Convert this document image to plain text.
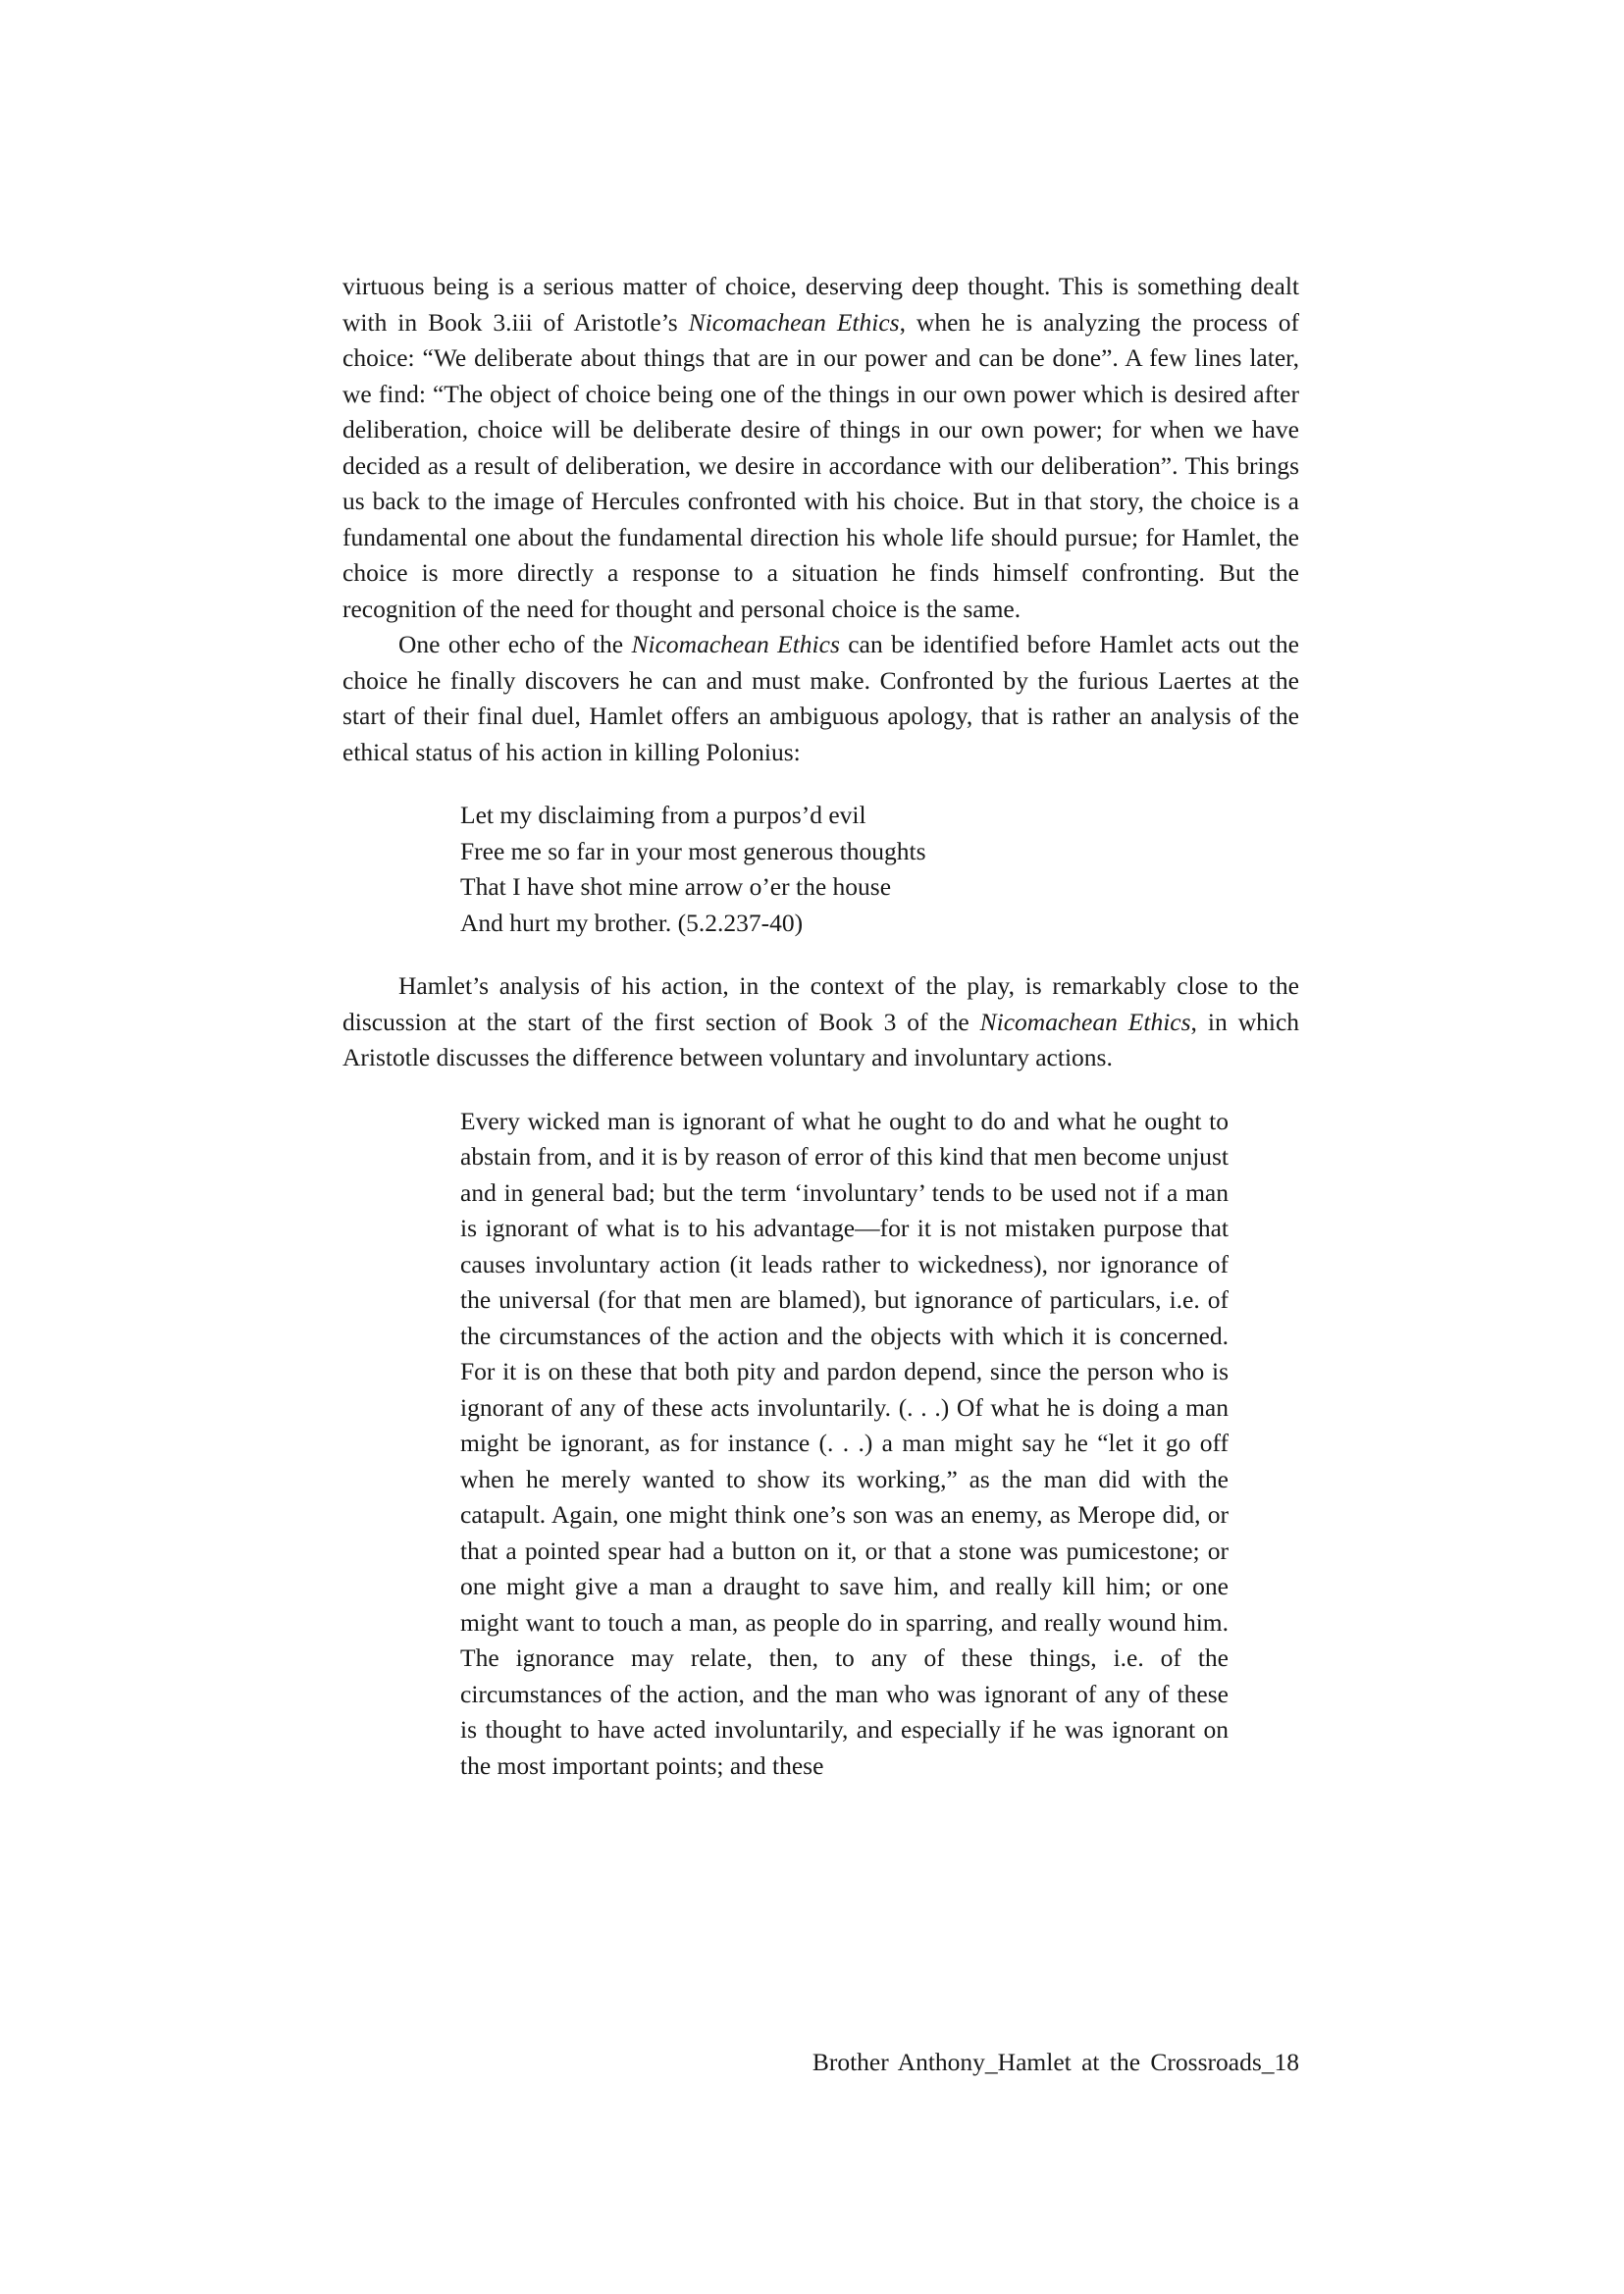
virtuous being is a serious matter of choice, deserving deep thought. This is something dealt with in Book 3.iii of Aristotle’s Nicomachean Ethics, when he is analyzing the process of choice: “We deliberate about things that are in our power and can be done”. A few lines later, we find: “The object of choice being one of the things in our own power which is desired after deliberation, choice will be deliberate desire of things in our own power; for when we have decided as a result of deliberation, we desire in accordance with our deliberation”. This brings us back to the image of Hercules confronted with his choice. But in that story, the choice is a fundamental one about the fundamental direction his whole life should pursue; for Hamlet, the choice is more directly a response to a situation he finds himself confronting. But the recognition of the need for thought and personal choice is the same.

One other echo of the Nicomachean Ethics can be identified before Hamlet acts out the choice he finally discovers he can and must make. Confronted by the furious Laertes at the start of their final duel, Hamlet offers an ambiguous apology, that is rather an analysis of the ethical status of his action in killing Polonius:

Let my disclaiming from a purpos’d evil
Free me so far in your most generous thoughts
That I have shot mine arrow o’er the house
And hurt my brother. (5.2.237-40)

Hamlet’s analysis of his action, in the context of the play, is remarkably close to the discussion at the start of the first section of Book 3 of the Nicomachean Ethics, in which Aristotle discusses the difference between voluntary and involuntary actions.

Every wicked man is ignorant of what he ought to do and what he ought to abstain from, and it is by reason of error of this kind that men become unjust and in general bad; but the term ‘involuntary’ tends to be used not if a man is ignorant of what is to his advantage—for it is not mistaken purpose that causes involuntary action (it leads rather to wickedness), nor ignorance of the universal (for that men are blamed), but ignorance of particulars, i.e. of the circumstances of the action and the objects with which it is concerned. For it is on these that both pity and pardon depend, since the person who is ignorant of any of these acts involuntarily. (. . .) Of what he is doing a man might be ignorant, as for instance (. . .) a man might say he “let it go off when he merely wanted to show its working,” as the man did with the catapult. Again, one might think one’s son was an enemy, as Merope did, or that a pointed spear had a button on it, or that a stone was pumicestone; or one might give a man a draught to save him, and really kill him; or one might want to touch a man, as people do in sparring, and really wound him. The ignorance may relate, then, to any of these things, i.e. of the circumstances of the action, and the man who was ignorant of any of these is thought to have acted involuntarily, and especially if he was ignorant on the most important points; and these

Brother Anthony_Hamlet at the Crossroads_18
